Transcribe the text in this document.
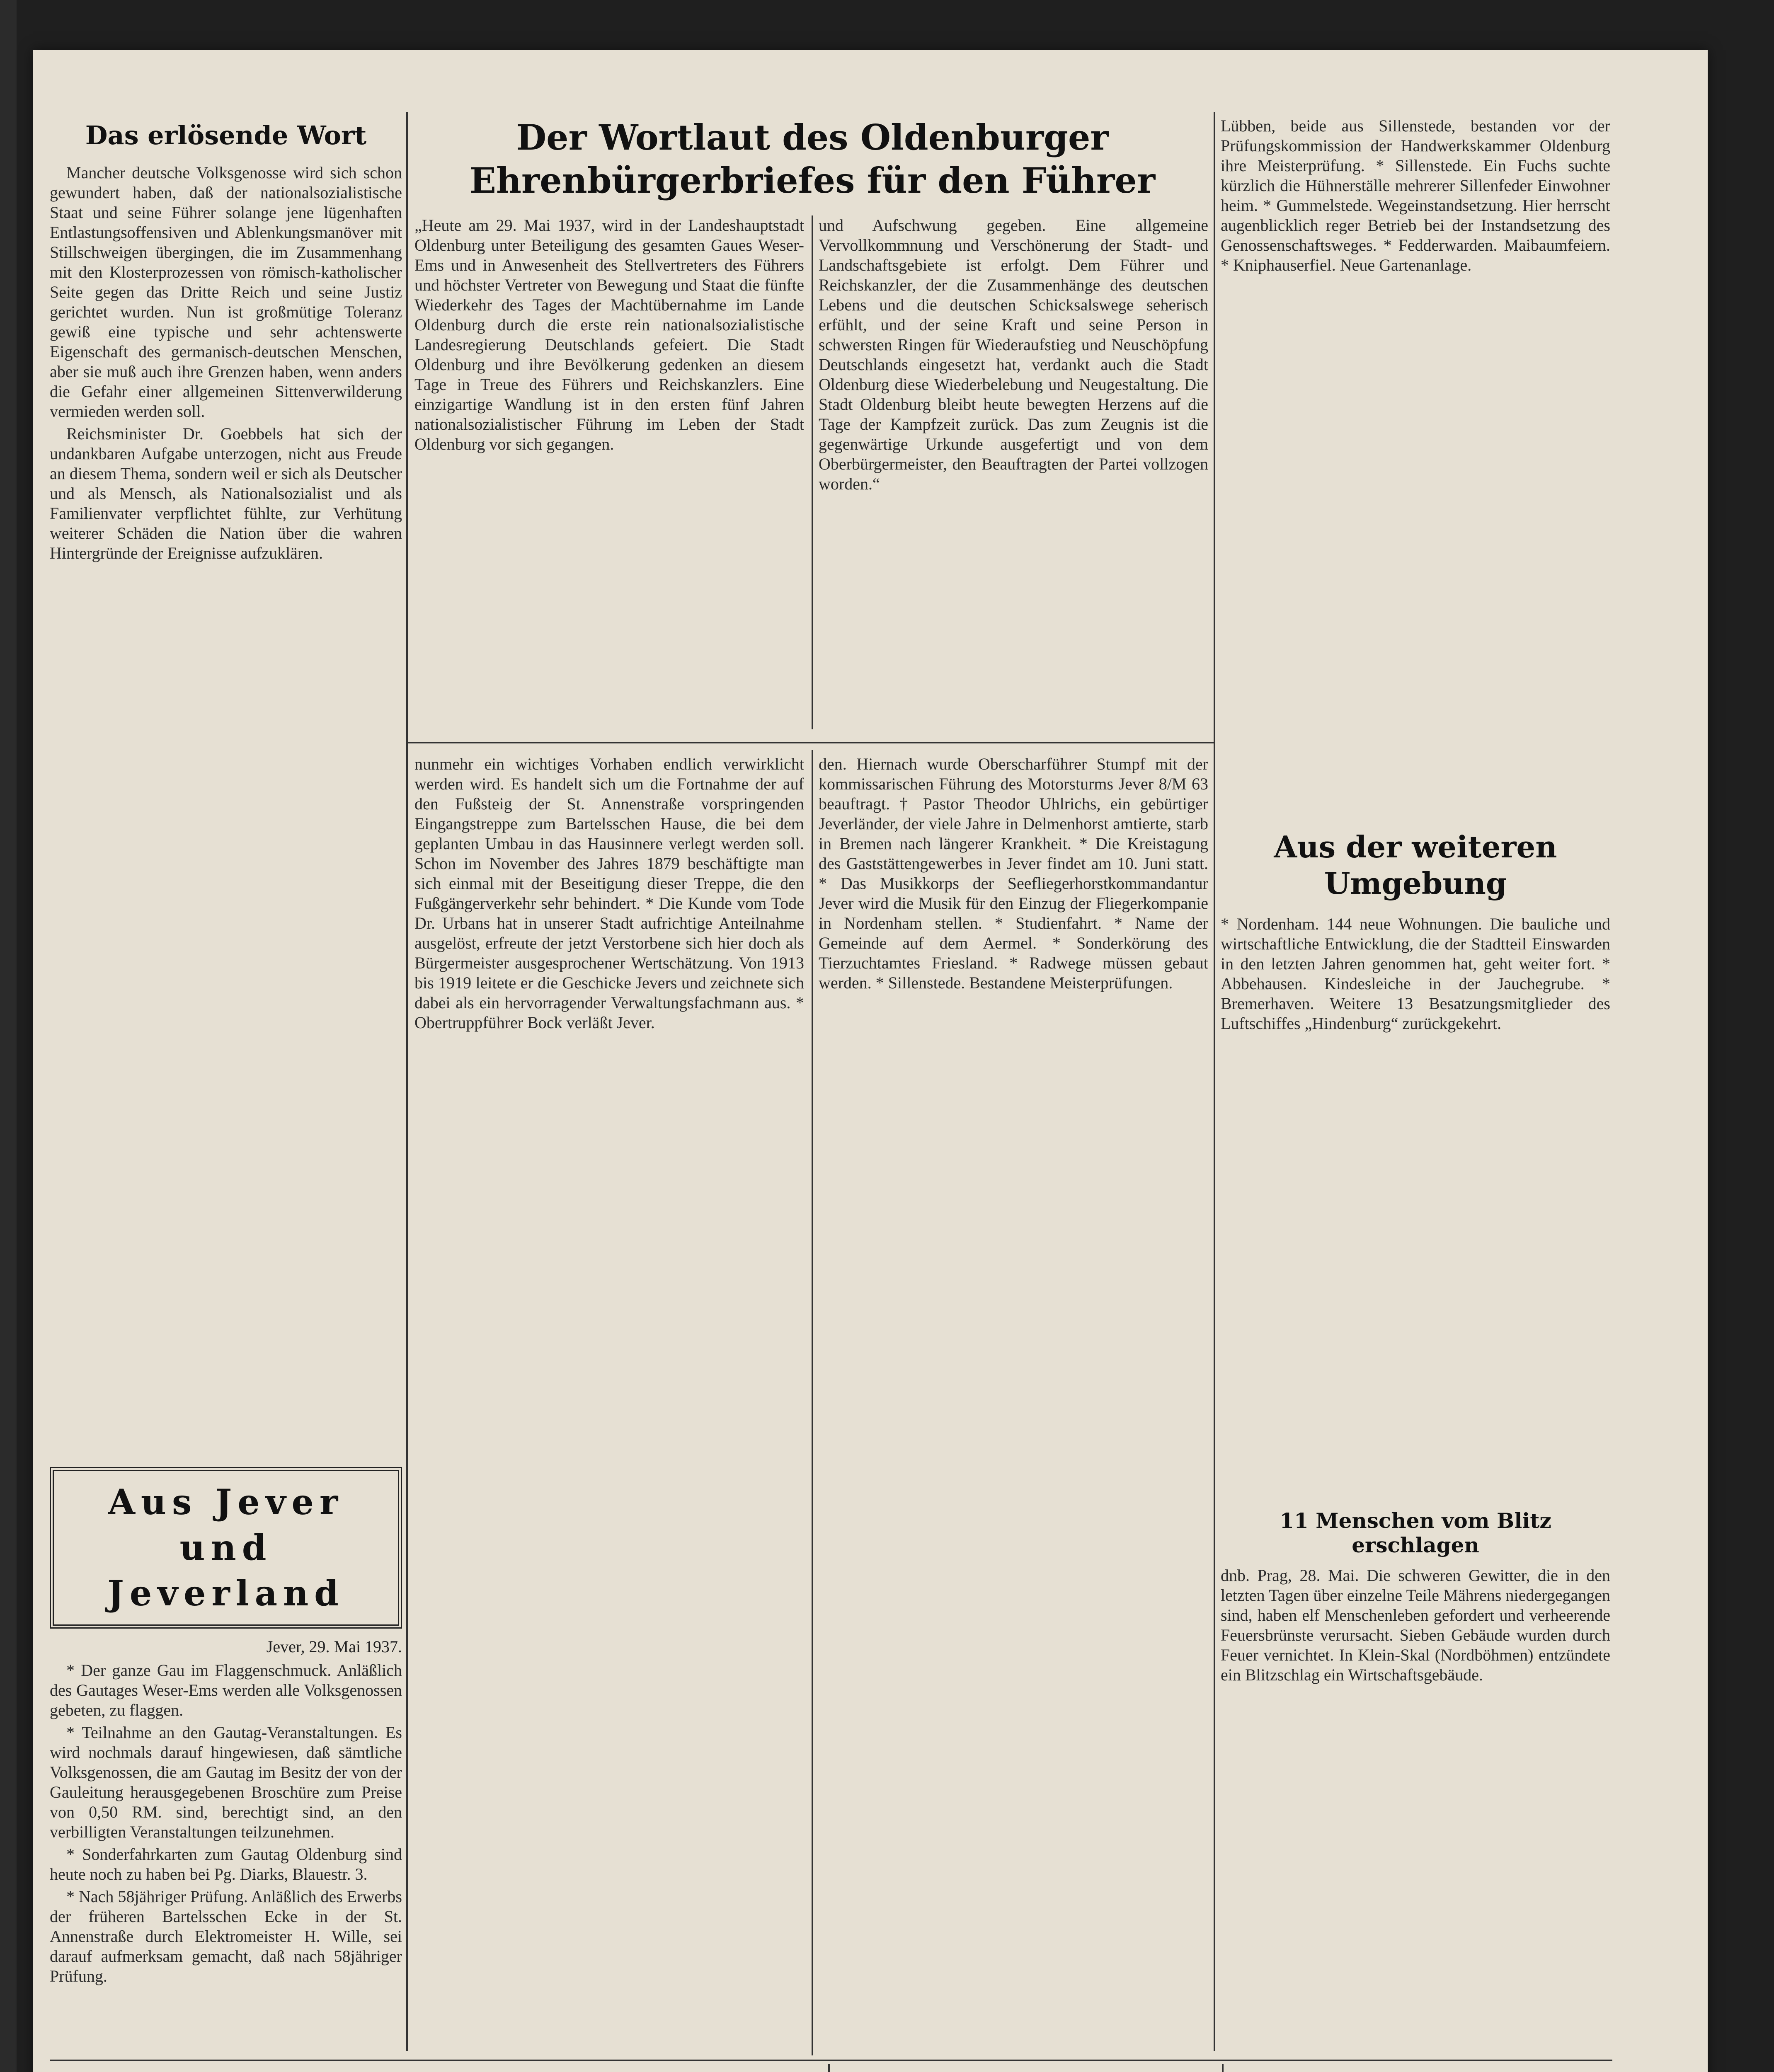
Das erlösende Wort

Mancher deutsche Volksgenosse wird sich schon gewundert haben, daß der nationalsozialistische Staat und seine Führer solange jene lügenhaften Entlastungsoffensiven und Ablenkungsmanöver mit Stillschweigen übergingen, die im Zusammenhang mit den Klosterprozessen von römisch-katholischer Seite gegen das Dritte Reich und seine Justiz gerichtet wurden. Nun ist großmütige Toleranz gewiß eine typische und sehr achtenswerte Eigenschaft des germanisch-deutschen Menschen, aber sie muß auch ihre Grenzen haben, wenn anders die Gefahr einer allgemeinen Sittenverwilderung vermieden werden soll.

Reichsminister Dr. Goebbels hat sich der undankbaren Aufgabe unterzogen, nicht aus Freude an diesem Thema, sondern weil er sich als Deutscher und als Mensch, als Nationalsozialist und als Familienvater verpflichtet fühlte, zur Verhütung weiterer Schäden die Nation über die wahren Hintergründe der Ereignisse aufzuklären.

Aus Jever und Jeverland
Jever, 29. Mai 1937.

* Der ganze Gau im Flaggenschmuck. Anläßlich des Gautages Weser-Ems werden alle Volksgenossen gebeten, zu flaggen.

* Teilnahme an den Gautag-Veranstaltungen. Es wird nochmals darauf hingewiesen, daß sämtliche Volksgenossen, die am Gautag im Besitz der von der Gauleitung herausgegebenen Broschüre zum Preise von 0,50 RM. sind, berechtigt sind, an den verbilligten Veranstaltungen teilzunehmen.

* Sonderfahrkarten zum Gautag Oldenburg sind heute noch zu haben bei Pg. Diarks, Blauestr. 3.

* Nach 58jähriger Prüfung. Anläßlich des Erwerbs der früheren Bartelsschen Ecke in der St. Annenstraße durch Elektromeister H. Wille, sei darauf aufmerksam gemacht, daß nach 58jähriger Prüfung.

Der Wortlaut des Oldenburger Ehrenbürgerbriefes für den Führer
„Heute am 29. Mai 1937, wird in der Landeshauptstadt Oldenburg unter Beteiligung des gesamten Gaues Weser-Ems und in Anwesenheit des Stellvertreters des Führers und höchster Vertreter von Bewegung und Staat die fünfte Wiederkehr des Tages der Machtübernahme im Lande Oldenburg durch die erste rein nationalsozialistische Landesregierung Deutschlands gefeiert. Die Stadt Oldenburg und ihre Bevölkerung gedenken an diesem Tage in Treue des Führers und Reichskanzlers. Eine einzigartige Wandlung ist in den ersten fünf Jahren nationalsozialistischer Führung im Leben der Stadt Oldenburg vor sich gegangen.
und Aufschwung gegeben. Eine allgemeine Vervollkommnung und Verschönerung der Stadt- und Landschaftsgebiete ist erfolgt. Dem Führer und Reichskanzler, der die Zusammenhänge des deutschen Lebens und die deutschen Schicksalswege seherisch erfühlt, und der seine Kraft und seine Person in schwersten Ringen für Wiederaufstieg und Neuschöpfung Deutschlands eingesetzt hat, verdankt auch die Stadt Oldenburg diese Wiederbelebung und Neugestaltung. Die Stadt Oldenburg bleibt heute bewegten Herzens auf die Tage der Kampfzeit zurück. Das zum Zeugnis ist die gegenwärtige Urkunde ausgefertigt und von dem Oberbürgermeister, den Beauftragten der Partei vollzogen worden.“
nunmehr ein wichtiges Vorhaben endlich verwirklicht werden wird. Es handelt sich um die Fortnahme der auf den Fußsteig der St. Annenstraße vorspringenden Eingangstreppe zum Bartelsschen Hause, die bei dem geplanten Umbau in das Hausinnere verlegt werden soll. Schon im November des Jahres 1879 beschäftigte man sich einmal mit der Beseitigung dieser Treppe, die den Fußgängerverkehr sehr behindert. * Die Kunde vom Tode Dr. Urbans hat in unserer Stadt aufrichtige Anteilnahme ausgelöst, erfreute der jetzt Verstorbene sich hier doch als Bürgermeister ausgesprochener Wertschätzung. Von 1913 bis 1919 leitete er die Geschicke Jevers und zeichnete sich dabei als ein hervorragender Verwaltungsfachmann aus. * Obertruppführer Bock verläßt Jever.
den. Hiernach wurde Oberscharführer Stumpf mit der kommissarischen Führung des Motorsturms Jever 8/M 63 beauftragt. † Pastor Theodor Uhlrichs, ein gebürtiger Jeverländer, der viele Jahre in Delmenhorst amtierte, starb in Bremen nach längerer Krankheit. * Die Kreistagung des Gaststättengewerbes in Jever findet am 10. Juni statt. * Das Musikkorps der Seefliegerhorstkommandantur Jever wird die Musik für den Einzug der Fliegerkompanie in Nordenham stellen. * Studienfahrt. * Name der Gemeinde auf dem Aermel. * Sonderkörung des Tierzuchtamtes Friesland. * Radwege müssen gebaut werden. * Sillenstede. Bestandene Meisterprüfungen.
Lübben, beide aus Sillenstede, bestanden vor der Prüfungskommission der Handwerkskammer Oldenburg ihre Meisterprüfung. * Sillenstede. Ein Fuchs suchte kürzlich die Hühnerställe mehrerer Sillenfeder Einwohner heim. * Gummelstede. Wegeinstandsetzung. Hier herrscht augenblicklich reger Betrieb bei der Instandsetzung des Genossenschaftsweges. * Fedderwarden. Maibaumfeiern. * Kniphauserfiel. Neue Gartenanlage.
Aus der weiteren Umgebung
* Nordenham. 144 neue Wohnungen. Die bauliche und wirtschaftliche Entwicklung, die der Stadtteil Einswarden in den letzten Jahren genommen hat, geht weiter fort. * Abbehausen. Kindesleiche in der Jauchegrube. * Bremerhaven. Weitere 13 Besatzungsmitglieder des Luftschiffes „Hindenburg“ zurückgekehrt.
11 Menschen vom Blitz erschlagen
dnb. Prag, 28. Mai. Die schweren Gewitter, die in den letzten Tagen über einzelne Teile Mährens niedergegangen sind, haben elf Menschenleben gefordert und verheerende Feuersbrünste verursacht. Sieben Gebäude wurden durch Feuer vernichtet. In Klein-Skal (Nordböhmen) entzündete ein Blitzschlag ein Wirtschaftsgebäude.
